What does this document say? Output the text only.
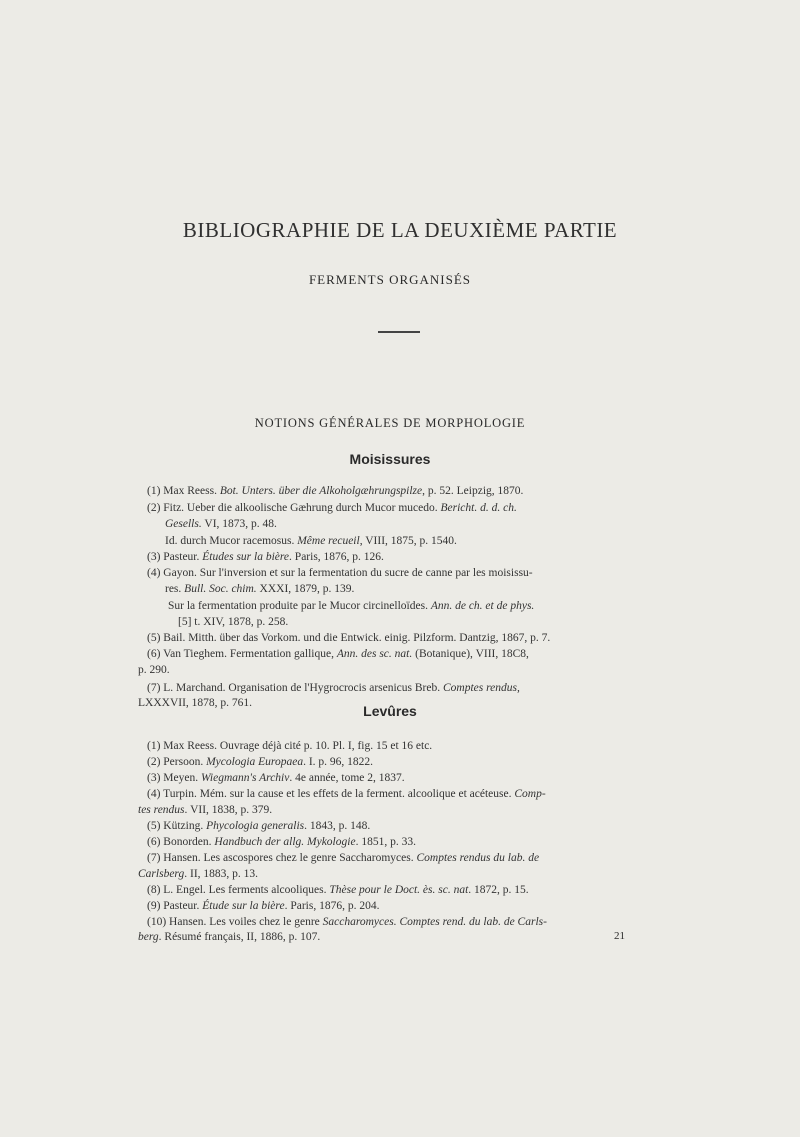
BIBLIOGRAPHIE DE LA DEUXIÈME PARTIE
FERMENTS ORGANISÉS
NOTIONS GÉNÉRALES DE MORPHOLOGIE
Moisissures
Levûres
(1) Max Reess. Bot. Unters. über die Alkoholgæhrungspilze, p. 52. Leipzig, 1870.
(2) Fitz. Ueber die alkoolische Gæhrung durch Mucor mucedo. Bericht. d. d. ch.
Gesells. VI, 1873, p. 48.
Id. durch Mucor racemosus. Même recueil, VIII, 1875, p. 1540.
(3) Pasteur. Études sur la bière. Paris, 1876, p. 126.
(4) Gayon. Sur l'inversion et sur la fermentation du sucre de canne par les moisissu-
res. Bull. Soc. chim. XXXI, 1879, p. 139.
Sur la fermentation produite par le Mucor circinelloïdes. Ann. de ch. et de phys.
[5] t. XIV, 1878, p. 258.
(5) Bail. Mitth. über das Vorkom. und die Entwick. einig. Pilzform. Dantzig, 1867, p. 7.
(6) Van Tieghem. Fermentation gallique, Ann. des sc. nat. (Botanique), VIII, 18C8,
p. 290.
(7) L. Marchand. Organisation de l'Hygrocrocis arsenicus Breb. Comptes rendus,
LXXXVII, 1878, p. 761.
(1) Max Reess. Ouvrage déjà cité p. 10. Pl. I, fig. 15 et 16 etc.
(2) Persoon. Mycologia Europaea. I. p. 96, 1822.
(3) Meyen. Wiegmann's Archiv. 4e année, tome 2, 1837.
(4) Turpin. Mém. sur la cause et les effets de la ferment. alcoolique et acéteuse. Comp-
tes rendus. VII, 1838, p. 379.
(5) Kützing. Phycologia generalis. 1843, p. 148.
(6) Bonorden. Handbuch der allg. Mykologie. 1851, p. 33.
(7) Hansen. Les ascospores chez le genre Saccharomyces. Comptes rendus du lab. de
Carlsberg. II, 1883, p. 13.
(8) L. Engel. Les ferments alcooliques. Thèse pour le Doct. ès. sc. nat. 1872, p. 15.
(9) Pasteur. Étude sur la bière. Paris, 1876, p. 204.
(10) Hansen. Les voiles chez le genre Saccharomyces. Comptes rend. du lab. de Carls-
berg. Résumé français, II, 1886, p. 107.	21
